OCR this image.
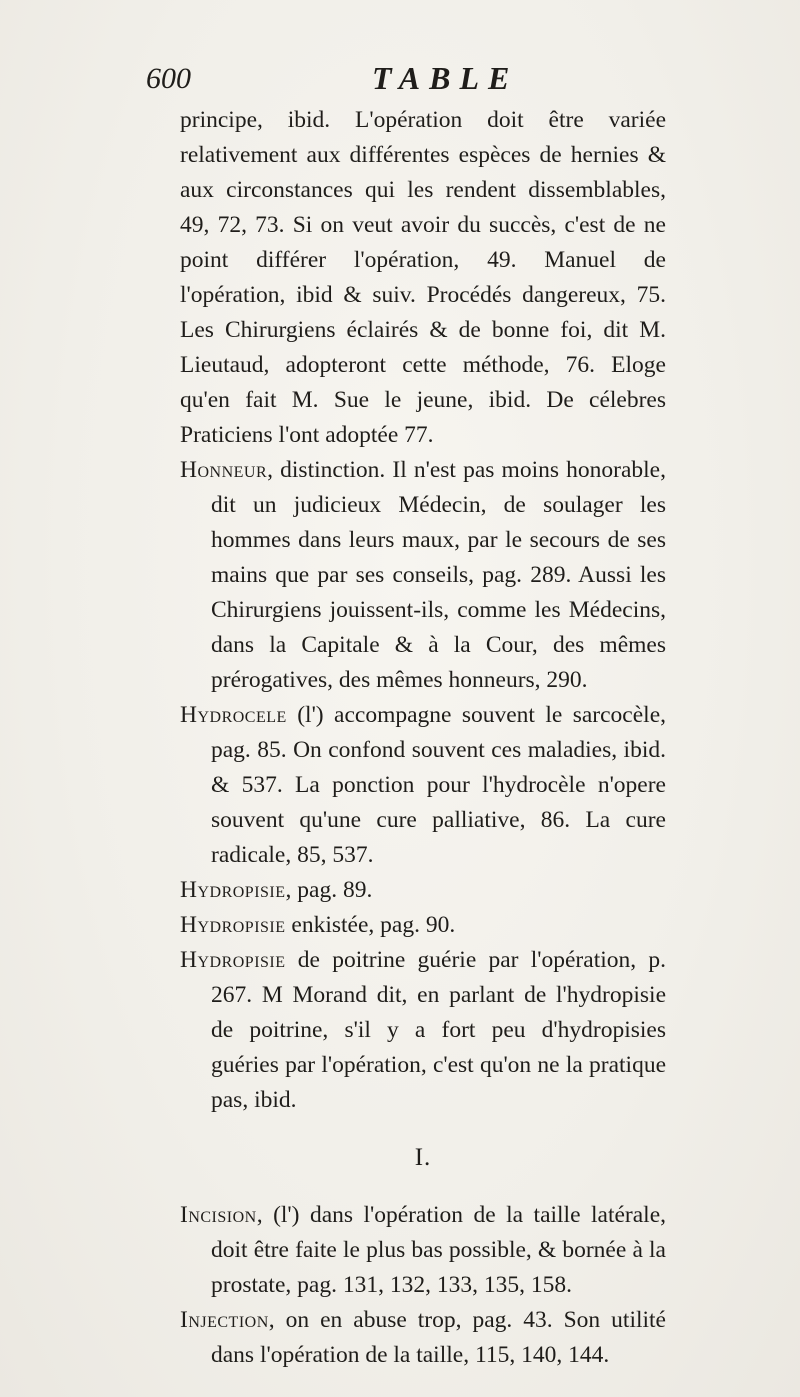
600	TABLE

principe, ibid. L'opération doit être variée relativement aux différentes espèces de hernies & aux circonstances qui les rendent dissemblables, 49, 72, 73. Si on veut avoir du succès, c'est de ne point différer l'opération, 49. Manuel de l'opération, ibid & suiv. Procédés dangereux, 75. Les Chirurgiens éclairés & de bonne foi, dit M. Lieutaud, adopteront cette méthode, 76. Eloge qu'en fait M. Sue le jeune, ibid. De célebres Praticiens l'ont adoptée 77.

Honneur, distinction. Il n'est pas moins honorable, dit un judicieux Médecin, de soulager les hommes dans leurs maux, par le secours de ses mains que par ses conseils, pag. 289. Aussi les Chirurgiens jouissent-ils, comme les Médecins, dans la Capitale & à la Cour, des mêmes prérogatives, des mêmes honneurs, 290.

Hydrocele (l') accompagne souvent le sarcocèle, pag. 85. On confond souvent ces maladies, ibid. & 537. La ponction pour l'hydrocèle n'opere souvent qu'une cure palliative, 86. La cure radicale, 85, 537.

Hydropisie, pag. 89.

Hydropisie enkistée, pag. 90.

Hydropisie de poitrine guérie par l'opération, p. 267. M Morand dit, en parlant de l'hydropisie de poitrine, s'il y a fort peu d'hydropisies guéries par l'opération, c'est qu'on ne la pratique pas, ibid.

I.

Incision, (l') dans l'opération de la taille latérale, doit être faite le plus bas possible, & bornée à la prostate, pag. 131, 132, 133, 135, 158.

Injection, on en abuse trop, pag. 43. Son utilité dans l'opération de la taille, 115, 140, 144.
